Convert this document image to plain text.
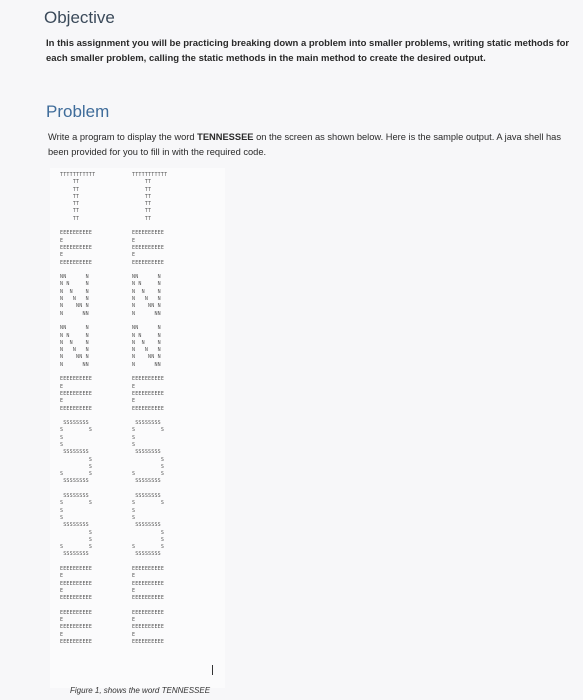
Objective
In this assignment you will be practicing breaking down a problem into smaller problems, writing static methods for each smaller problem, calling the static methods in the main method to create the desired output.
Problem
Write a program to display the word TENNESSEE on the screen as shown below. Here is the sample output. A java shell has been provided for you to fill in with the required code.
TTTTTTTTTTT
TT
TT
TT
TT
TT
TT

EEEEEEEEEE
E
EEEEEEEEEE
E
EEEEEEEEEE

NN      N
N N     N
N  N    N
N   N   N
N    NN N
N      NN

NN      N
N N     N
N  N    N
N   N   N
N    NN N
N      NN

EEEEEEEEEE
E
EEEEEEEEEE
E
EEEEEEEEEE

SSSSSSSS
S        S
S
S
SSSSSSSS
S
S
S        S
SSSSSSSS

SSSSSSSS
S        S
S
S
SSSSSSSS
S
S
S        S
SSSSSSSS

EEEEEEEEEE
E
EEEEEEEEEE
E
EEEEEEEEEE

EEEEEEEEEE
E
EEEEEEEEEE
E
EEEEEEEEEE
TTTTTTTTTTT
TT
TT
TT
TT
TT
TT

EEEEEEEEEE
E
EEEEEEEEEE
E
EEEEEEEEEE

NN      N
N N     N
N  N    N
N   N   N
N    NN N
N      NN

NN      N
N N     N
N  N    N
N   N   N
N    NN N
N      NN

EEEEEEEEEE
E
EEEEEEEEEE
E
EEEEEEEEEE

SSSSSSSS
S        S
S
S
SSSSSSSS
S
S
S        S
SSSSSSSS

SSSSSSSS
S        S
S
S
SSSSSSSS
S
S
S        S
SSSSSSSS

EEEEEEEEEE
E
EEEEEEEEEE
E
EEEEEEEEEE

EEEEEEEEEE
E
EEEEEEEEEE
E
EEEEEEEEEE
Figure 1, shows the word TENNESSEE
